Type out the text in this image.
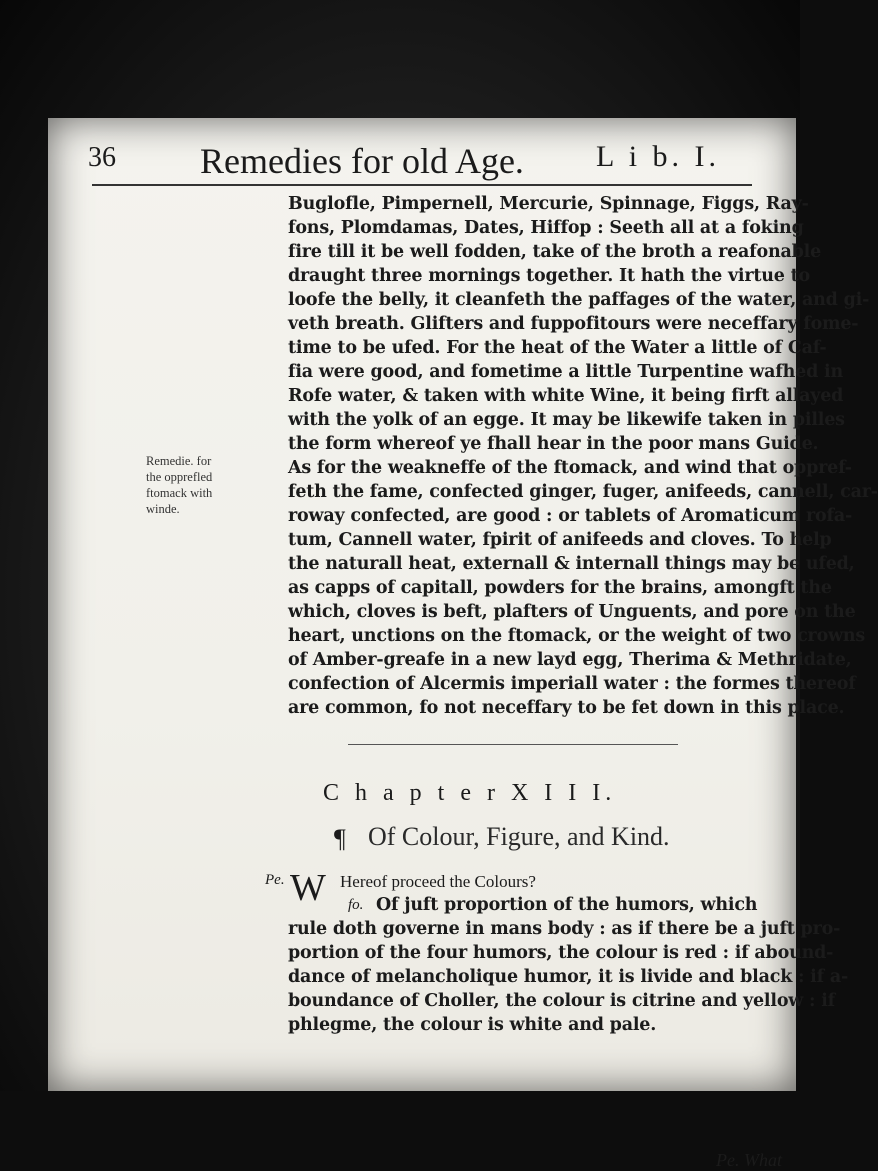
36 Remedies for old Age. L i b. I.
Buglofle, Pimpernell, Mercurie, Spinnage, Figgs, Ray-
fons, Plomdamas, Dates, Hiffop : Seeth all at a foking
fire till it be well fodden, take of the broth a reafonable
draught three mornings together. It hath the virtue to
loofe the belly, it cleanfeth the paffages of the water, and gi-
veth breath. Glifters and fuppofitours were neceffary fome-
time to be ufed. For the heat of the Water a little of Caf-
fia were good, and fometime a little Turpentine wafhed in
Rofe water, & taken with white Wine, it being firft allayed
with the yolk of an egge. It may be likewife taken in pilles
the form whereof ye fhall hear in the poor mans Guide.
As for the weakneffe of the ftomack, and wind that oppref-
feth the fame, confected ginger, fuger, anifeeds, cannell, car-
roway confected, are good : or tablets of Aromaticum rofa-
tum, Cannell water, fpirit of anifeeds and cloves. To help
the naturall heat, externall & internall things may be ufed,
as capps of capitall, powders for the brains, amongft the
which, cloves is beft, plafters of Unguents, and pore on the
heart, unctions on the ftomack, or the weight of two crowns
of Amber-greafe in a new layd egg, Therima & Methridate,
confection of Alcermis imperiall water : the formes thereof
are common, fo not neceffary to be fet down in this place.
Remedie. for
the opprefled
ftomack with
winde.
C h a p t e r X I I I.
¶ Of Colour, Figure, and Kind.
Pe. W Hereof proceed the Colours?
fo. Of juft proportion of the humors, which
rule doth governe in mans body : as if there be a juft pro-
portion of the four humors, the colour is red : if abound-
dance of melancholique humor, it is livide and black : if a-
boundance of Choller, the colour is citrine and yellow : if
phlegme, the colour is white and pale.
Pe. What
